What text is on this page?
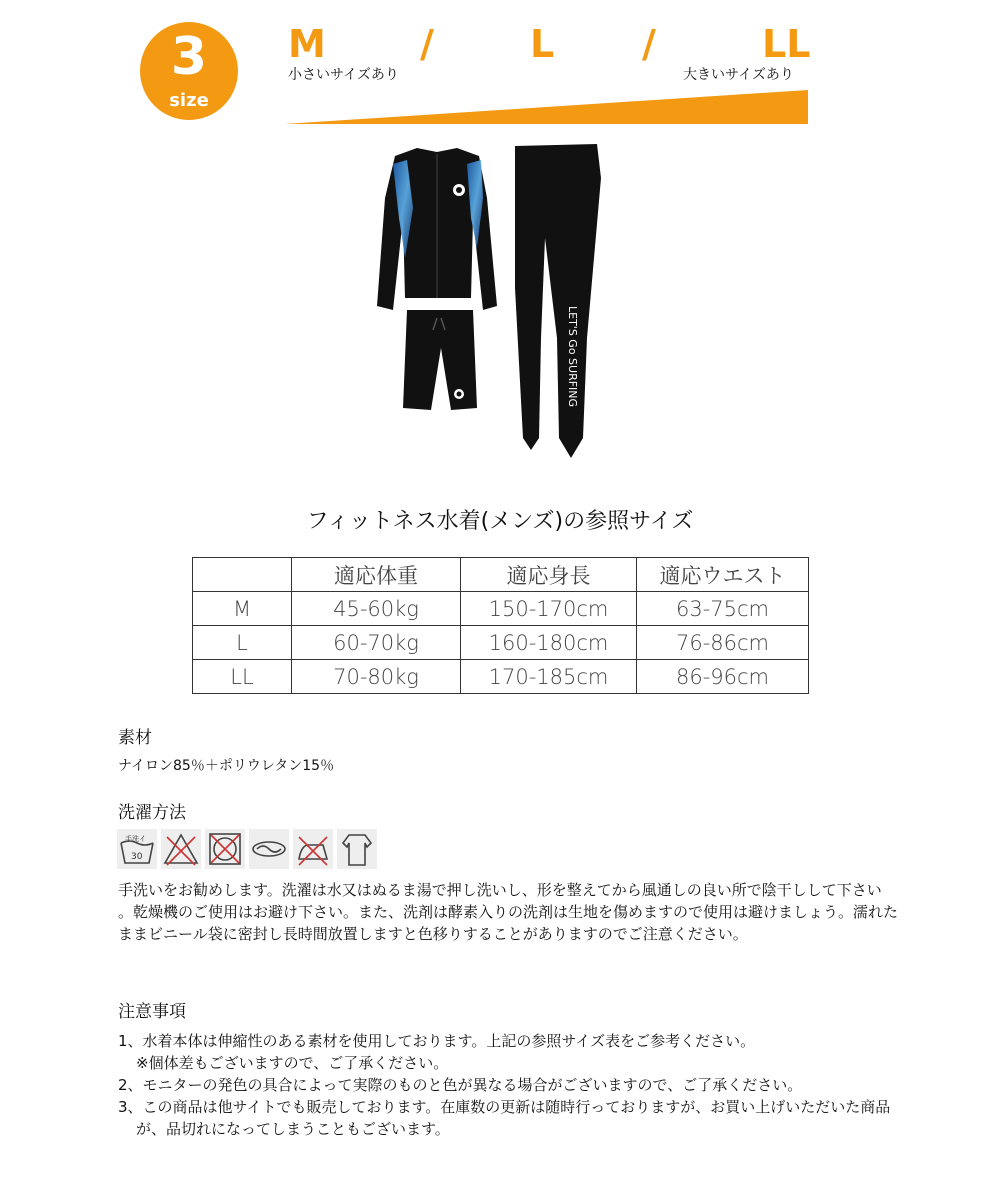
3
size
M /	L /	LL
小さいサイズあり	大きいサイズあり
LET'S Go SURFING
フィットネス水着(メンズ)の参照サイズ
	適応体重	適応身長	適応ウエスト
M	45-60kg	150-170cm	63-75cm
L	60-70kg	160-180cm	76-86cm
LL	70-80kg	170-185cm	86-96cm
素材
ナイロン85％＋ポリウレタン15％
洗濯方法
手洗イ
30
手洗いをお勧めします。洗濯は水又はぬるま湯で押し洗いし、形を整えてから風通しの良い所で陰干しして下さい 。乾燥機のご使用はお避け下さい。また、洗剤は酵素入りの洗剤は生地を傷めますので使用は避けましょう。濡れたままビニール袋に密封し長時間放置しますと色移りすることがありますのでご注意ください。
注意事項

1、水着本体は伸縮性のある素材を使用しております。上記の参照サイズ表をご参考ください。

※個体差もございますので、ご了承ください。

2、モニターの発色の具合によって実際のものと色が異なる場合がございますので、ご了承ください。

3、この商品は他サイトでも販売しております。在庫数の更新は随時行っておりますが、お買い上げいただいた商品が、品切れになってしまうこともございます。
